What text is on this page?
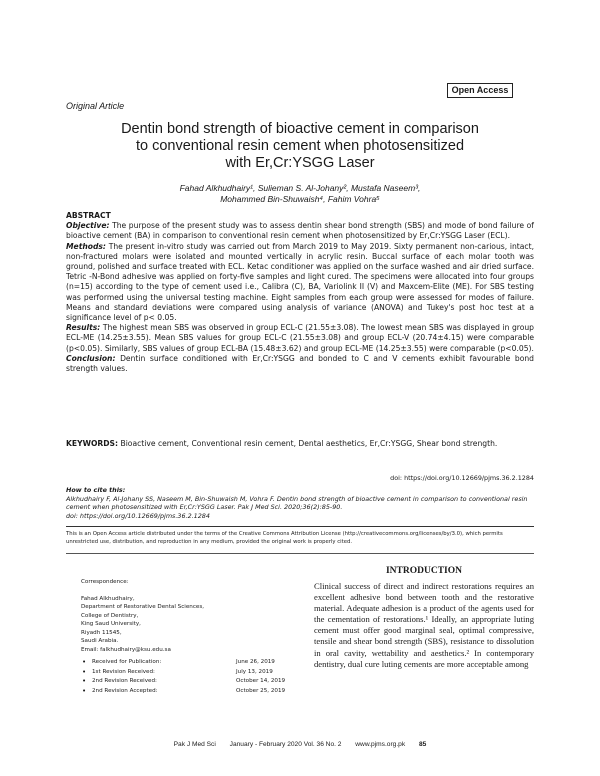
Open Access
Original Article
Dentin bond strength of bioactive cement in comparison
to conventional resin cement when photosensitized
with Er,Cr:YSGG Laser
Fahad Alkhudhairy¹, Sulieman S. Al-Johany², Mustafa Naseem³,
Mohammed Bin-Shuwaish⁴, Fahim Vohra⁵
ABSTRACT
Objective: The purpose of the present study was to assess dentin shear bond strength (SBS) and mode of bond failure of bioactive cement (BA) in comparison to conventional resin cement when photosensitized by Er,Cr:YSGG Laser (ECL).
Methods: The present in-vitro study was carried out from March 2019 to May 2019. Sixty permanent non-carious, intact, non-fractured molars were isolated and mounted vertically in acrylic resin. Buccal surface of each molar tooth was ground, polished and surface treated with ECL. Ketac conditioner was applied on the surface washed and air dried surface. Tetric -N-Bond adhesive was applied on forty-five samples and light cured. The specimens were allocated into four groups (n=15) according to the type of cement used i.e., Calibra (C), BA, Variolink II (V) and Maxcem-Elite (ME). For SBS testing was performed using the universal testing machine. Eight samples from each group were assessed for modes of failure. Means and standard deviations were compared using analysis of variance (ANOVA) and Tukey's post hoc test at a significance level of p< 0.05.
Results: The highest mean SBS was observed in group ECL-C (21.55±3.08). The lowest mean SBS was displayed in group ECL-ME (14.25±3.55). Mean SBS values for group ECL-C (21.55±3.08) and group ECL-V (20.74±4.15) were comparable (p<0.05). Similarly, SBS values of group ECL-BA (15.48±3.62) and group ECL-ME (14.25±3.55) were comparable (p<0.05).
Conclusion: Dentin surface conditioned with Er,Cr:YSGG and bonded to C and V cements exhibit favourable bond strength values.
KEYWORDS: Bioactive cement, Conventional resin cement, Dental aesthetics, Er,Cr:YSGG, Shear bond strength.
doi: https://doi.org/10.12669/pjms.36.2.1284
How to cite this:
Alkhudhairy F, Al-Johany SS, Naseem M, Bin-Shuwaish M, Vohra F. Dentin bond strength of bioactive cement in comparison to conventional resin cement when photosensitized with Er,Cr:YSGG Laser. Pak J Med Sci. 2020;36(2):85-90.
doi: https://doi.org/10.12669/pjms.36.2.1284
This is an Open Access article distributed under the terms of the Creative Commons Attribution License (http://creativecommons.org/licenses/by/3.0), which permits unrestricted use, distribution, and reproduction in any medium, provided the original work is properly cited.
Correspondence:
Fahad Alkhudhairy,
Department of Restorative Dental Sciences,
College of Dentistry,
King Saud University,
Riyadh 11545,
Saudi Arabia.
Email: falkhudhairy@ksu.edu.sa
• Received for Publication:	June 26, 2019
• 1st Revision Received:	July 13, 2019
• 2nd Revision Received:	October 14, 2019
• 2nd Revision Accepted:	October 25, 2019
INTRODUCTION
Clinical success of direct and indirect restorations requires an excellent adhesive bond between tooth and the restorative material. Adequate adhesion is a product of the agents used for the cementation of restorations.¹ Ideally, an appropriate luting cement must offer good marginal seal, optimal compressive, tensile and shear bond strength (SBS), resistance to dissolution in oral cavity, wettability and aesthetics.² In contemporary dentistry, dual cure luting cements are more acceptable among
Pak J Med Sci January - February 2020 Vol. 36 No. 2 www.pjms.org.pk 85
